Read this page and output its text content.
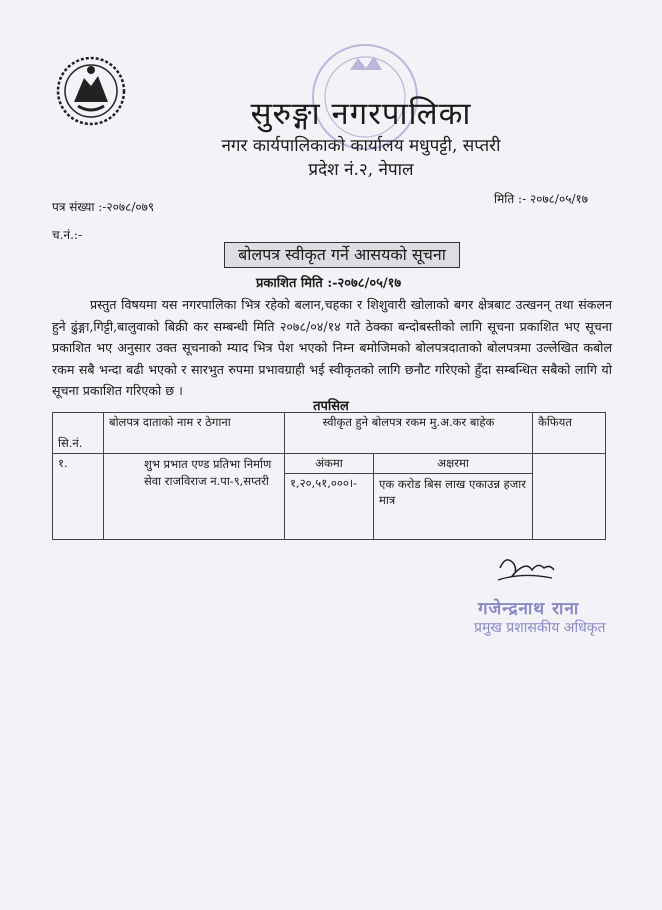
सुरुङ्गा नगरपालिका
नगर कार्यपालिकाको कार्यालय मधुपट्टी, सप्तरी
प्रदेश नं.२, नेपाल
पत्र संख्या :-२०७८/०७९
मिति :- २०७८/०५/१७
च.नं.:-
बोलपत्र स्वीकृत गर्ने आसयको सूचना
प्रकाशित मिति :-२०७८/०५/१७
प्रस्तुत विषयमा यस नगरपालिका भित्र रहेको बलान,चहका र शिशुवारी खोलाको बगर क्षेत्रबाट उत्खनन् तथा संकलन हुने ढुंङ्गा,गिट्टी,बालुवाको बिक्री कर सम्बन्धी मिति २०७८/०४/१४ गते ठेक्का बन्दोबस्तीको लागि सूचना प्रकाशित भए सूचना प्रकाशित भए अनुसार उक्त सूचनाको म्याद भित्र पेश भएको निम्न बमोजिमको बोलपत्रदाताको बोलपत्रमा उल्लेखित कबोल रकम सबै भन्दा बढी भएको र सारभुत रुपमा प्रभावग्राही भई स्वीकृतको लागि छनौट गरिएको हुँदा सम्बन्धित सबैको लागि यो सूचना प्रकाशित गरिएको छ ।
तपसिल
सि.नं.	बोलपत्र दाताको नाम र ठेगाना	स्वीकृत हुने बोलपत्र रकम मु.अ.कर बाहेक		कैफियत
१.	शुभ प्रभात एण्ड प्रतिभा निर्माण सेवा राजविराज न.पा-९,सप्तरी	अंकमा	अक्षरमा	
		१,२०,५१,०००।-	एक करोड बिस लाख एकाउन्न हजार मात्र	
गजेन्द्रनाथ राना
प्रमुख प्रशासकीय अधिकृत
